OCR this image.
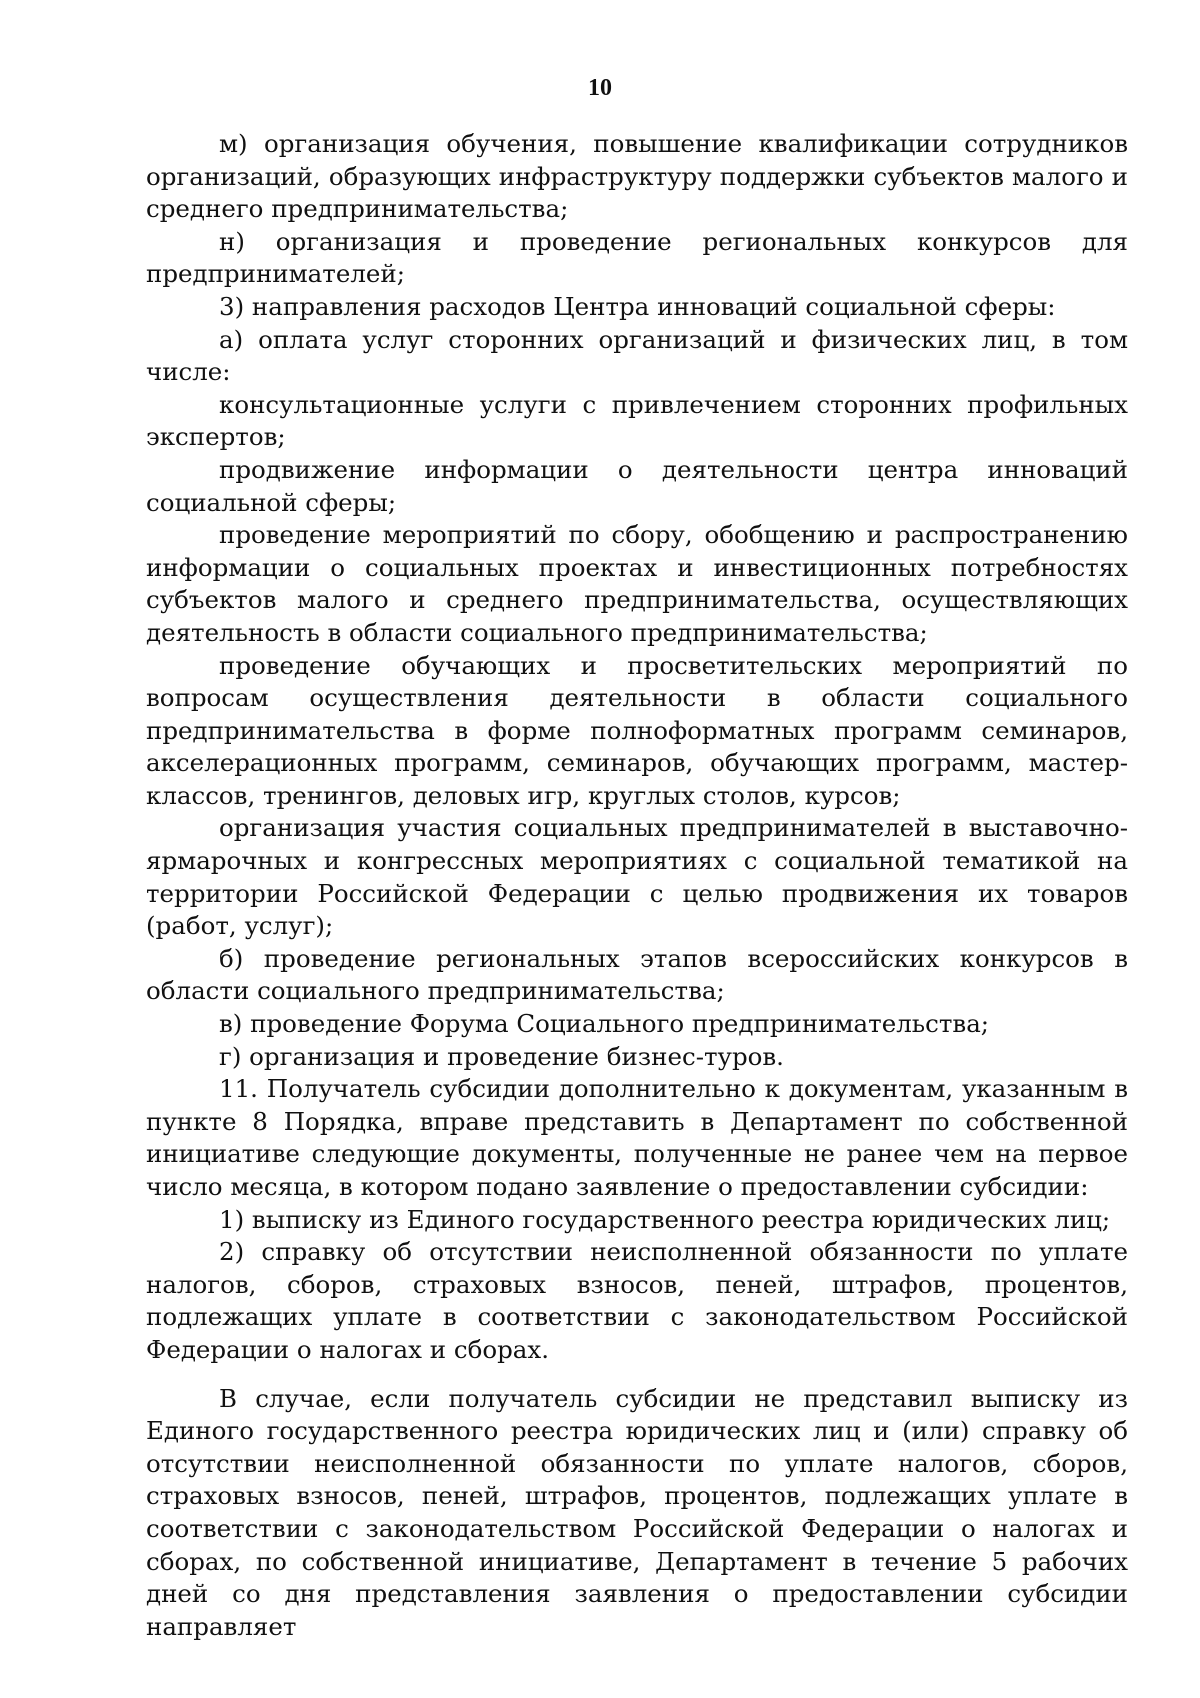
10

м) организация обучения, повышение квалификации сотрудников организаций, образующих инфраструктуру поддержки субъектов малого и среднего предпринимательства;

н) организация и проведение региональных конкурсов для предпринимателей;

3) направления расходов Центра инноваций социальной сферы:

а) оплата услуг сторонних организаций и физических лиц, в том числе:

консультационные услуги с привлечением сторонних профильных экспертов;

продвижение информации о деятельности центра инноваций социальной сферы;

проведение мероприятий по сбору, обобщению и распространению информации о социальных проектах и инвестиционных потребностях субъектов малого и среднего предпринимательства, осуществляющих деятельность в области социального предпринимательства;

проведение обучающих и просветительских мероприятий по вопросам осуществления деятельности в области социального предпринимательства в форме полноформатных программ семинаров, акселерационных программ, семинаров, обучающих программ, мастер-классов, тренингов, деловых игр, круглых столов, курсов;

организация участия социальных предпринимателей в выставочно-ярмарочных и конгрессных мероприятиях с социальной тематикой на территории Российской Федерации с целью продвижения их товаров (работ, услуг);

б) проведение региональных этапов всероссийских конкурсов в области социального предпринимательства;

в) проведение Форума Социального предпринимательства;

г) организация и проведение бизнес-туров.

11. Получатель субсидии дополнительно к документам, указанным в пункте 8 Порядка, вправе представить в Департамент по собственной инициативе следующие документы, полученные не ранее чем на первое число месяца, в котором подано заявление о предоставлении субсидии:

1) выписку из Единого государственного реестра юридических лиц;

2) справку об отсутствии неисполненной обязанности по уплате налогов, сборов, страховых взносов, пеней, штрафов, процентов, подлежащих уплате в соответствии с законодательством Российской Федерации о налогах и сборах.

В случае, если получатель субсидии не представил выписку из Единого государственного реестра юридических лиц и (или) справку об отсутствии неисполненной обязанности по уплате налогов, сборов, страховых взносов, пеней, штрафов, процентов, подлежащих уплате в соответствии с законодательством Российской Федерации о налогах и сборах, по собственной инициативе, Департамент в течение 5 рабочих дней со дня представления заявления о предоставлении субсидии направляет
